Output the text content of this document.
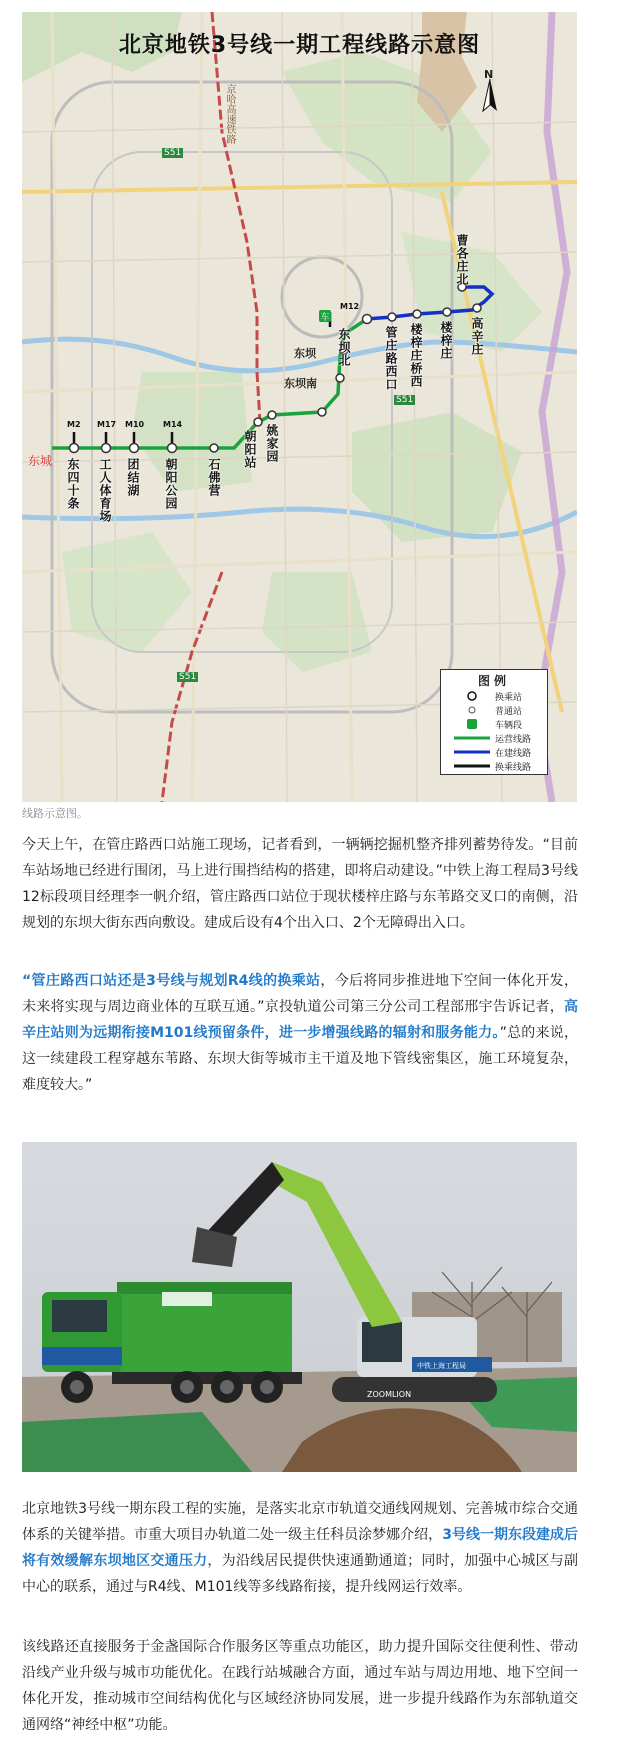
车
北京地铁3号线一期工程线路示意图
N
京哈高速铁路
S51
S51
S51
东城
M2 M17 M10 M14
M12
东四十条 工人体育场 团结湖 朝阳公园 石佛营
朝阳站 姚家园
东坝南
东坝 东坝北	管庄路西口 楼梓庄桥西 楼梓庄 高辛庄
曹各庄北
图例
换乘站
普通站
车辆段
运营线路
在建线路
换乘线路
线路示意图。

今天上午，在管庄路西口站施工现场，记者看到，一辆辆挖掘机整齐排列蓄势待发。“目前车站场地已经进行围闭，马上进行围挡结构的搭建，即将启动建设。”中铁上海工程局3号线12标段项目经理李一帆介绍，管庄路西口站位于现状楼梓庄路与东苇路交叉口的南侧，沿规划的东坝大街东西向敷设。建成后设有4个出入口、2个无障碍出入口。

“管庄路西口站还是3号线与规划R4线的换乘站，今后将同步推进地下空间一体化开发，未来将实现与周边商业体的互联互通。”京投轨道公司第三分公司工程部邢宇告诉记者，高辛庄站则为远期衔接M101线预留条件，进一步增强线路的辐射和服务能力。”总的来说，这一续建段工程穿越东苇路、东坝大街等城市主干道及地下管线密集区，施工环境复杂，难度较大。”

ZOOMLION
中铁上海工程局

北京地铁3号线一期东段工程的实施，是落实北京市轨道交通线网规划、完善城市综合交通体系的关键举措。市重大项目办轨道二处一级主任科员涂梦娜介绍，3号线一期东段建成后将有效缓解东坝地区交通压力，为沿线居民提供快速通勤通道；同时，加强中心城区与副中心的联系，通过与R4线、M101线等多线路衔接，提升线网运行效率。

该线路还直接服务于金盏国际合作服务区等重点功能区，助力提升国际交往便利性、带动沿线产业升级与城市功能优化。在践行站城融合方面，通过车站与周边用地、地下空间一体化开发，推动城市空间结构优化与区域经济协同发展，进一步提升线路作为东部轨道交通网络“神经中枢”功能。
